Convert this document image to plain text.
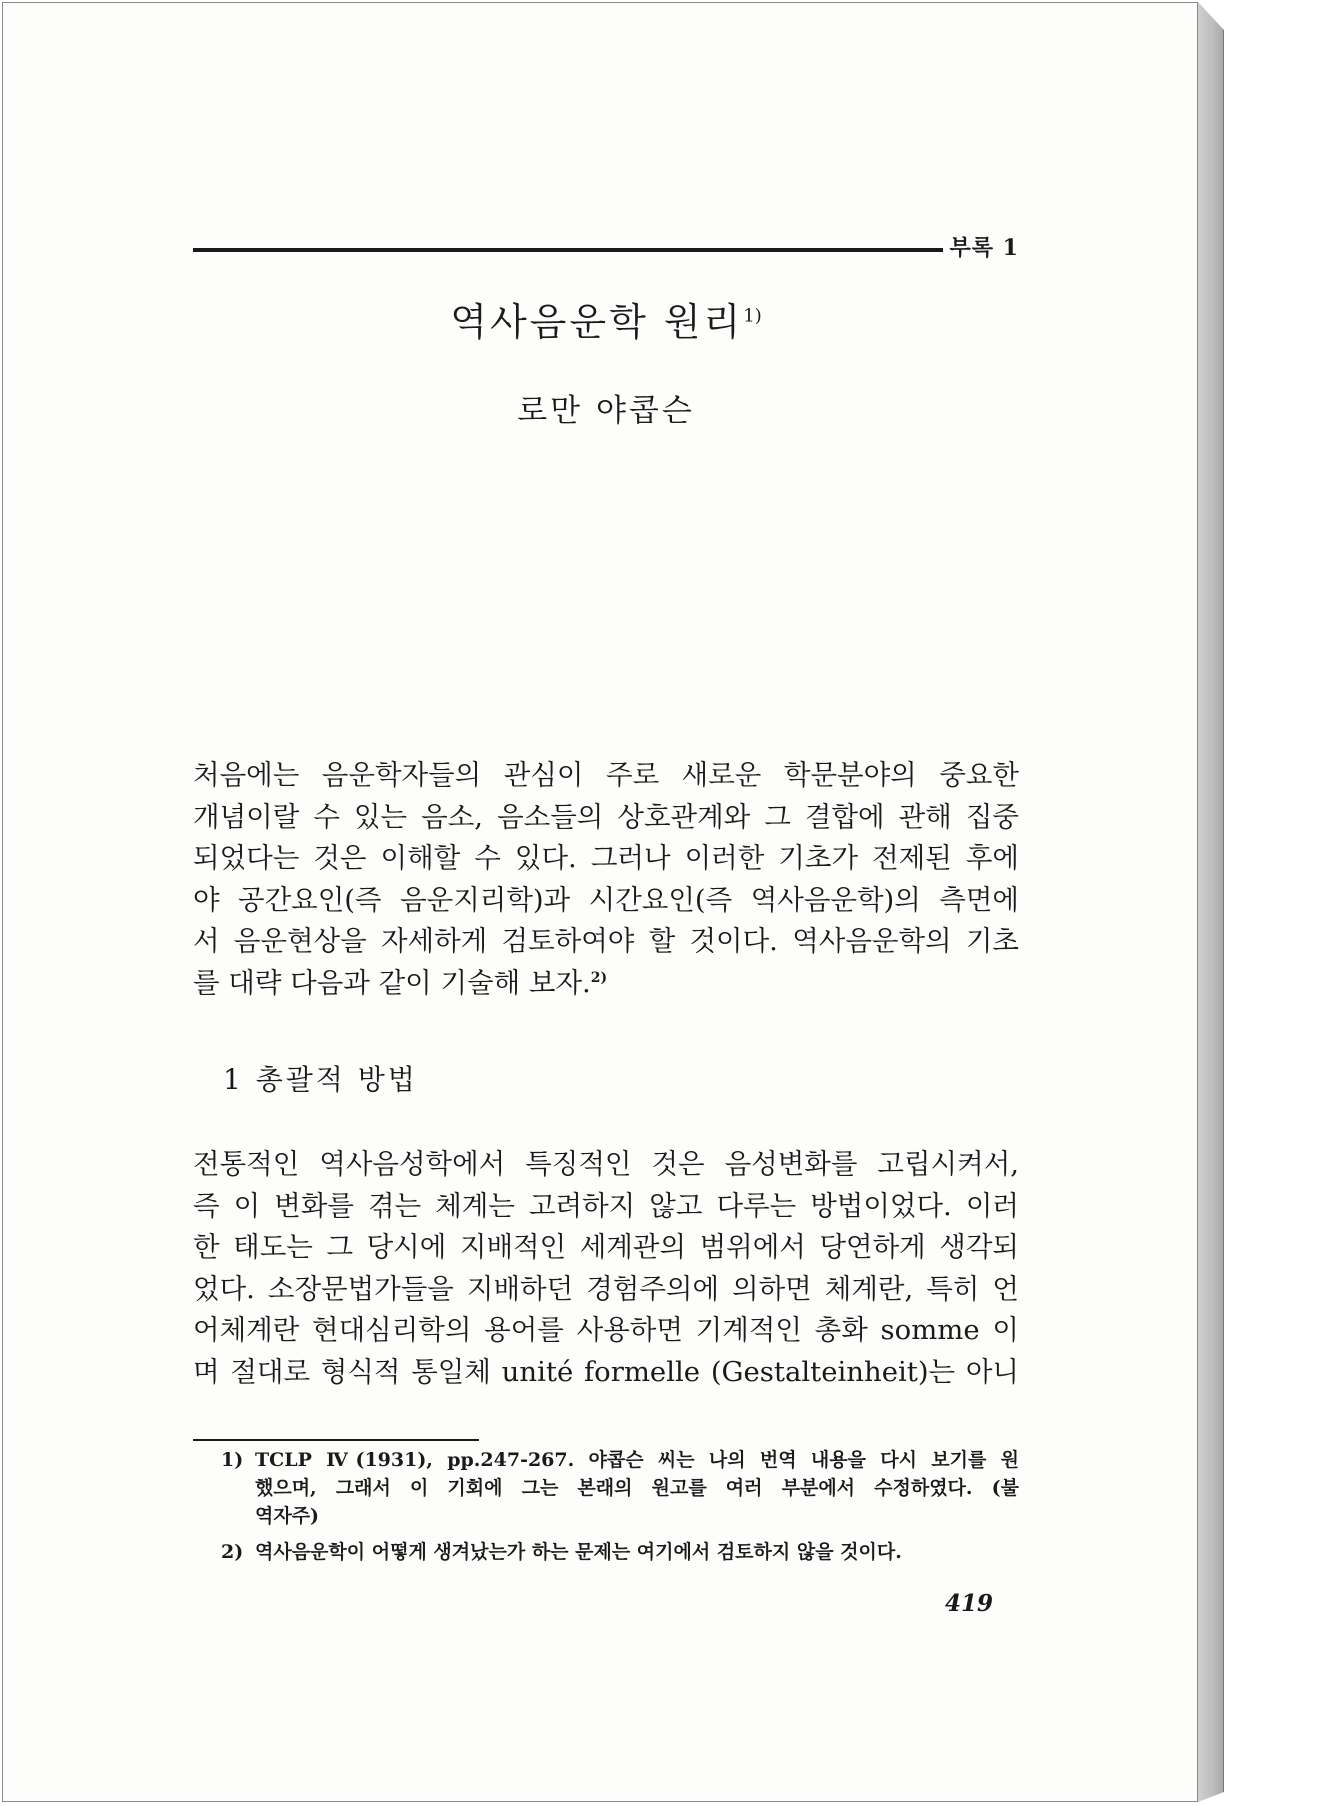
부록 1
역사음운학 원리$^{1)}$
로만 야콥슨
처음에는 음운학자들의 관심이 주로 새로운 학문분야의 중요한
개념이랄 수 있는 음소, 음소들의 상호관계와 그 결합에 관해 집중
되었다는 것은 이해할 수 있다. 그러나 이러한 기초가 전제된 후에
야 공간요인(즉 음운지리학)과 시간요인(즉 역사음운학)의 측면에
서 음운현상을 자세하게 검토하여야 할 것이다. 역사음운학의 기초
를 대략 다음과 같이 기술해 보자.$^{2)}$
1 총괄적 방법
전통적인 역사음성학에서 특징적인 것은 음성변화를 고립시켜서,
즉 이 변화를 겪는 체계는 고려하지 않고 다루는 방법이었다. 이러
한 태도는 그 당시에 지배적인 세계관의 범위에서 당연하게 생각되
었다. 소장문법가들을 지배하던 경험주의에 의하면 체계란, 특히 언
어체계란 현대심리학의 용어를 사용하면 기계적인 총화 somme 이
며 절대로 형식적 통일체 unité formelle (Gestalteinheit)는 아니
1) TCLP Ⅳ(1931), pp.247-267. 야콥슨 씨는 나의 번역 내용을 다시 보기를 원
했으며, 그래서 이 기회에 그는 본래의 원고를 여러 부분에서 수정하였다. (불
역자주)
2) 역사음운학이 어떻게 생겨났는가 하는 문제는 여기에서 검토하지 않을 것이다.
419
